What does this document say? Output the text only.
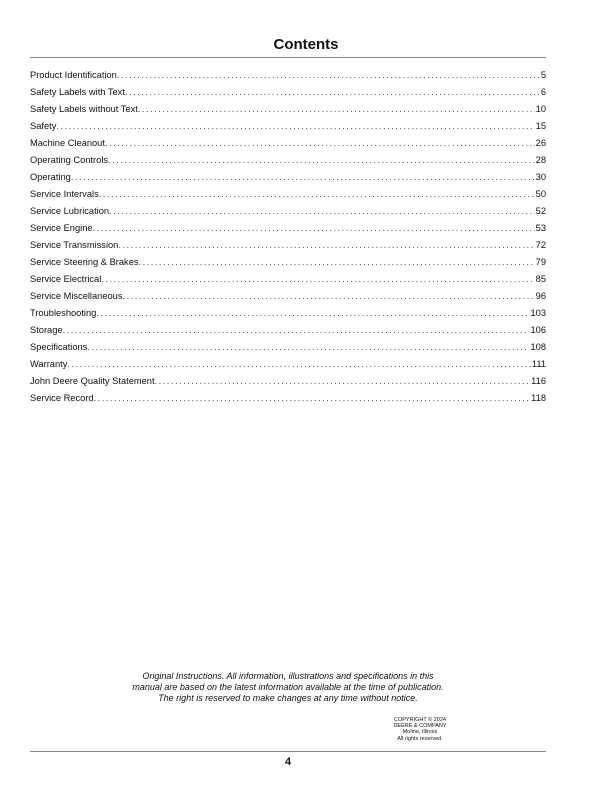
Contents
Product Identification .....	5
Safety Labels with Text .....	6
Safety Labels without Text .....	10
Safety .....	15
Machine Cleanout .....	26
Operating Controls .....	28
Operating .....	30
Service Intervals .....	50
Service Lubrication .....	52
Service Engine .....	53
Service Transmission .....	72
Service Steering & Brakes .....	79
Service Electrical .....	85
Service Miscellaneous .....	96
Troubleshooting .....	103
Storage .....	106
Specifications .....	108
Warranty .....	111
John Deere Quality Statement .....	116
Service Record .....	118
Original Instructions. All information, illustrations and specifications in this
manual are based on the latest information available at the time of publication.
The right is reserved to make changes at any time without notice.
COPYRIGHT © 2024
DEERE & COMPANY
Moline, Illinois
All rights reserved.
4
